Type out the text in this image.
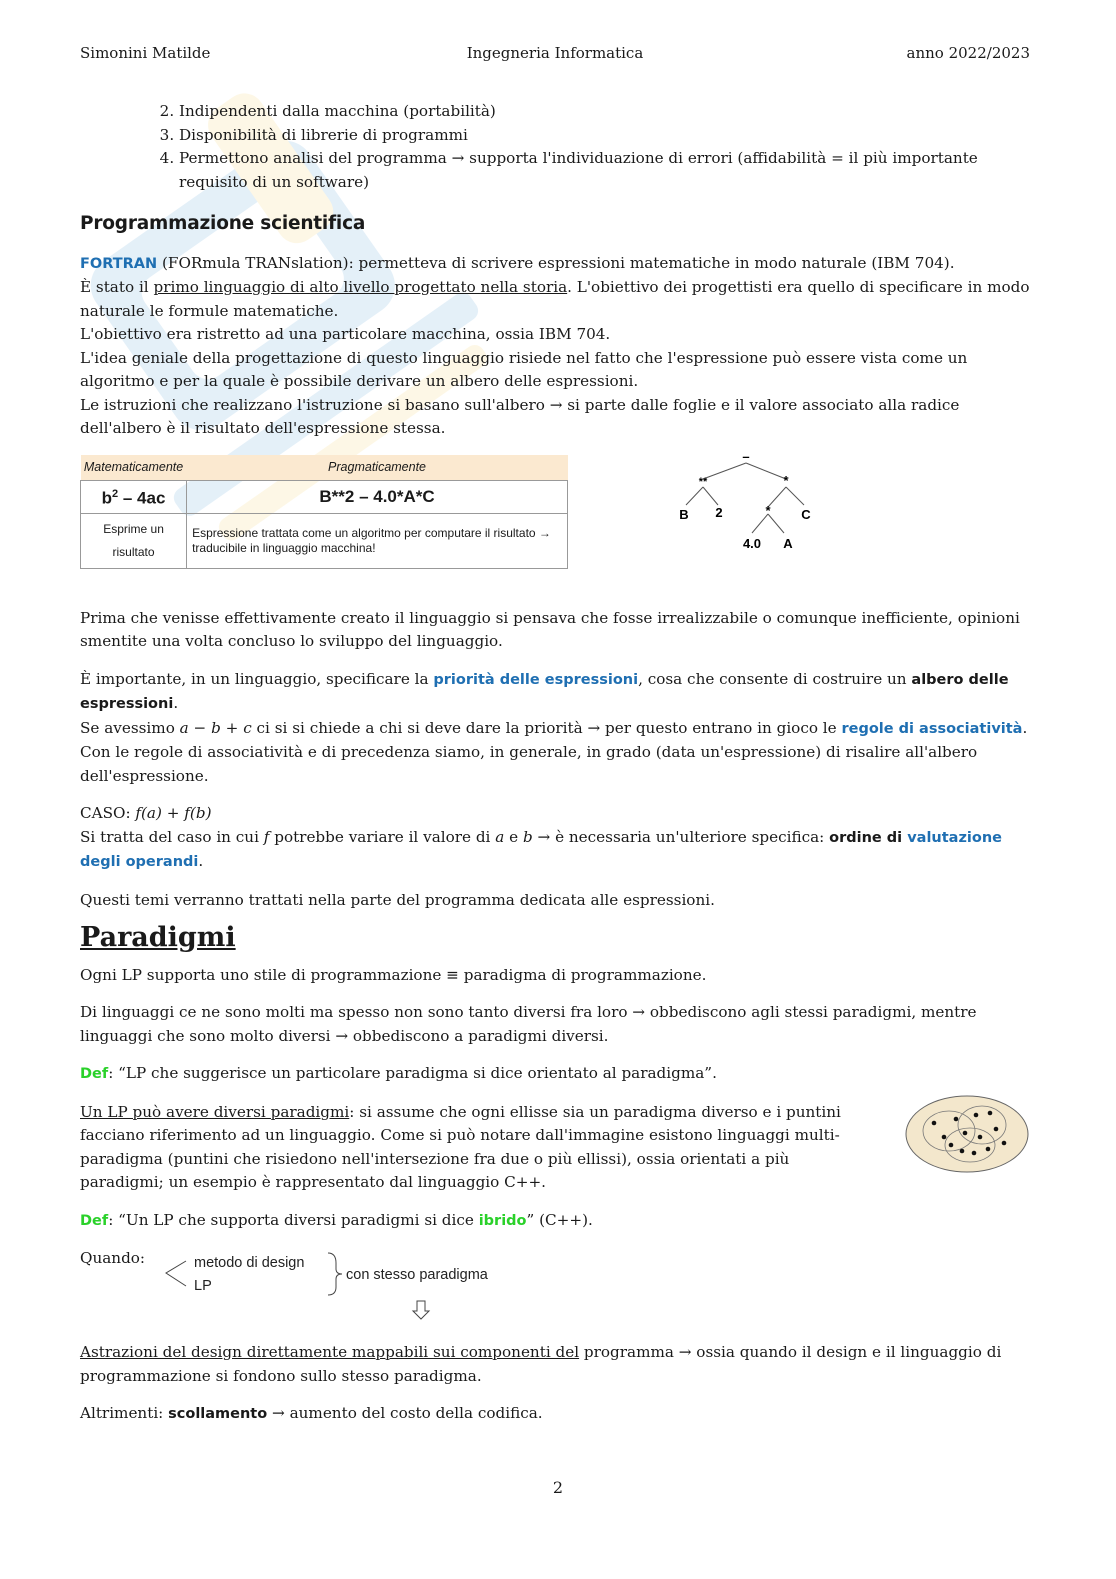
Simonini Matilde	Ingegneria Informatica	anno 2022/2023
2. Indipendenti dalla macchina (portabilità)
3. Disponibilità di librerie di programmi
4. Permettono analisi del programma → supporta l'individuazione di errori (affidabilità = il più importante requisito di un software)
Programmazione scientifica

FORTRAN (FORmula TRANslation): permetteva di scrivere espressioni matematiche in modo naturale (IBM 704).
È stato il primo linguaggio di alto livello progettato nella storia. L'obiettivo dei progettisti era quello di specificare in modo naturale le formule matematiche.
L'obiettivo era ristretto ad una particolare macchina, ossia IBM 704.
L'idea geniale della progettazione di questo linguaggio risiede nel fatto che l'espressione può essere vista come un algoritmo e per la quale è possibile derivare un albero delle espressioni.
Le istruzioni che realizzano l'istruzione si basano sull'albero → si parte dalle foglie e il valore associato alla radice dell'albero è il risultato dell'espressione stessa.

Matematicamente	Pragmaticamente
$b^2 - 4ac$	B**2 – 4.0*A*C
Esprime un risultato	Espressione trattata come un algoritmo per computare il risultato → traducibile in linguaggio macchina!
–
**	*
B 2	* C
4.0 A

Prima che venisse effettivamente creato il linguaggio si pensava che fosse irrealizzabile o comunque inefficiente, opinioni smentite una volta concluso lo sviluppo del linguaggio.

È importante, in un linguaggio, specificare la priorità delle espressioni, cosa che consente di costruire un albero delle espressioni.
Se avessimo a − b + c ci si si chiede a chi si deve dare la priorità → per questo entrano in gioco le regole di associatività.
Con le regole di associatività e di precedenza siamo, in generale, in grado (data un'espressione) di risalire all'albero dell'espressione.

CASO: f(a) + f(b)
Si tratta del caso in cui f potrebbe variare il valore di a e b → è necessaria un'ulteriore specifica: ordine di valutazione degli operandi.

Questi temi verranno trattati nella parte del programma dedicata alle espressioni.

Paradigmi

Ogni LP supporta uno stile di programmazione ≡ paradigma di programmazione.

Di linguaggi ce ne sono molti ma spesso non sono tanto diversi fra loro → obbediscono agli stessi paradigmi, mentre linguaggi che sono molto diversi → obbediscono a paradigmi diversi.

Def: “LP che suggerisce un particolare paradigma si dice orientato al paradigma”.

Un LP può avere diversi paradigmi: si assume che ogni ellisse sia un paradigma diverso e i puntini facciano riferimento ad un linguaggio. Come si può notare dall'immagine esistono linguaggi multi-paradigma (puntini che risiedono nell'intersezione fra due o più ellissi), ossia orientati a più paradigmi; un esempio è rappresentato dal linguaggio C++.

Def: “Un LP che supporta diversi paradigmi si dice ibrido” (C++).

Quando:	metodo di design
LP
con stesso paradigma

Astrazioni del design direttamente mappabili sui componenti del programma → ossia quando il design e il linguaggio di programmazione si fondono sullo stesso paradigma.

Altrimenti: scollamento → aumento del costo della codifica.

2
